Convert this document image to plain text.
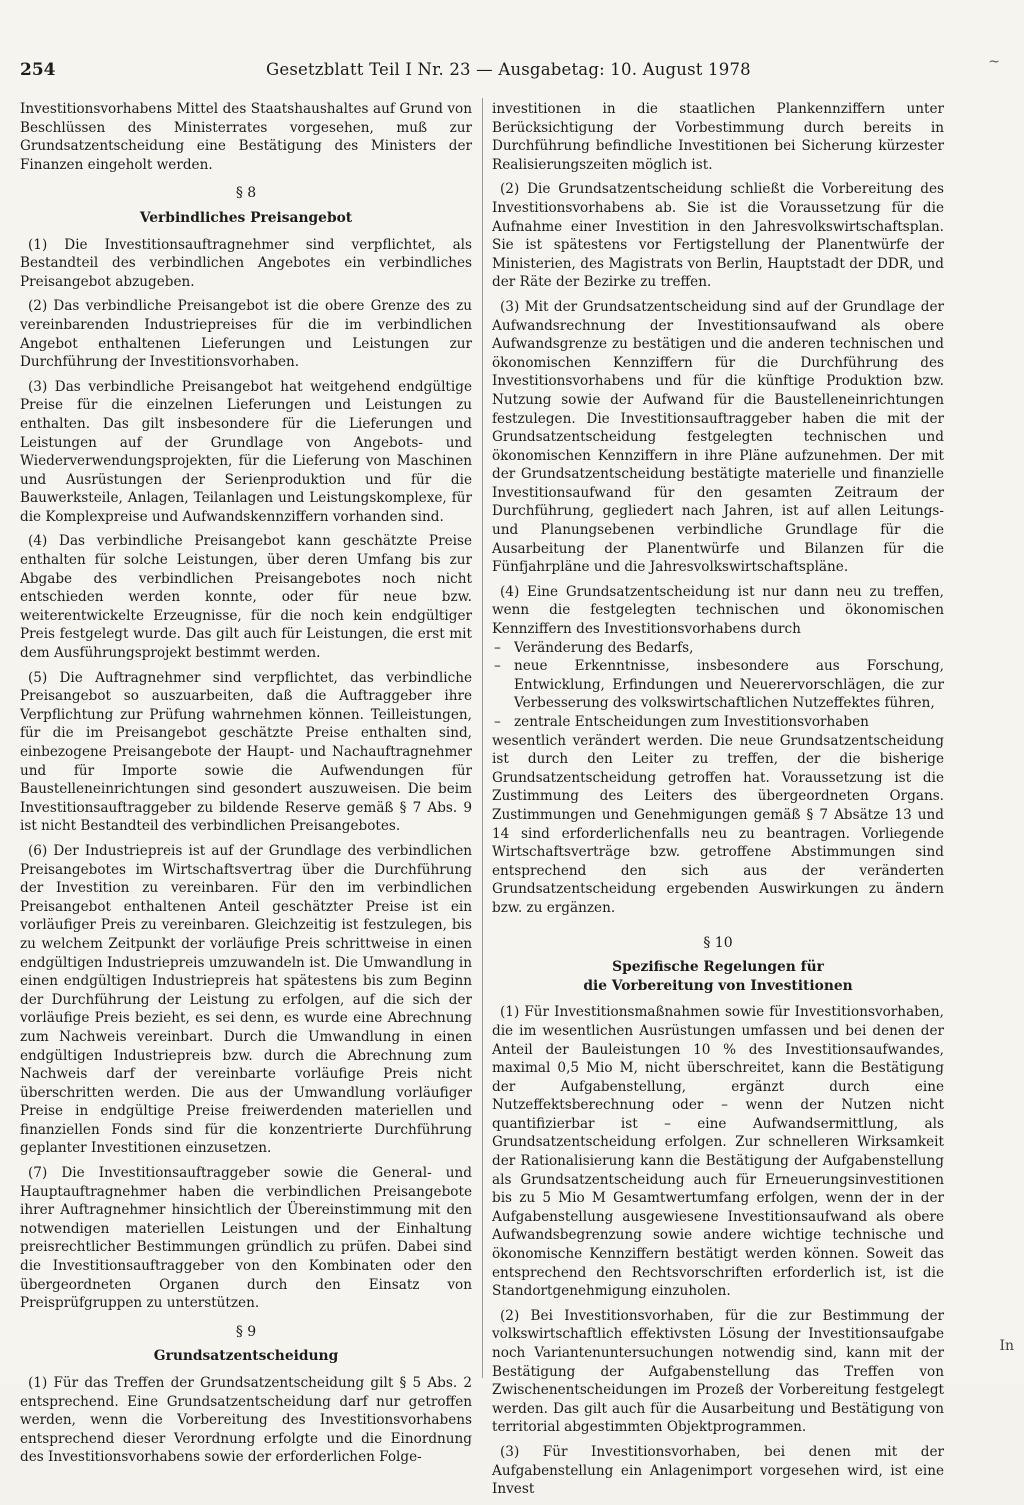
254	Gesetzblatt Teil I Nr. 23 — Ausgabetag: 10. August 1978	~

Investitionsvorhabens Mittel des Staatshaushaltes auf Grund von Beschlüssen des Ministerrates vorgesehen, muß zur Grundsatzentscheidung eine Bestätigung des Ministers der Finanzen eingeholt werden.

§ 8
Verbindliches Preisangebot

(1) Die Investitionsauftragnehmer sind verpflichtet, als Bestandteil des verbindlichen Angebotes ein verbindliches Preisangebot abzugeben.

(2) Das verbindliche Preisangebot ist die obere Grenze des zu vereinbarenden Industriepreises für die im verbindlichen Angebot enthaltenen Lieferungen und Leistungen zur Durchführung der Investitionsvorhaben.

(3) Das verbindliche Preisangebot hat weitgehend endgültige Preise für die einzelnen Lieferungen und Leistungen zu enthalten. Das gilt insbesondere für die Lieferungen und Leistungen auf der Grundlage von Angebots- und Wiederverwendungsprojekten, für die Lieferung von Maschinen und Ausrüstungen der Serienproduktion und für die Bauwerksteile, Anlagen, Teilanlagen und Leistungskomplexe, für die Komplexpreise und Aufwandskennziffern vorhanden sind.

(4) Das verbindliche Preisangebot kann geschätzte Preise enthalten für solche Leistungen, über deren Umfang bis zur Abgabe des verbindlichen Preisangebotes noch nicht entschieden werden konnte, oder für neue bzw. weiterentwickelte Erzeugnisse, für die noch kein endgültiger Preis festgelegt wurde. Das gilt auch für Leistungen, die erst mit dem Ausführungsprojekt bestimmt werden.

(5) Die Auftragnehmer sind verpflichtet, das verbindliche Preisangebot so auszuarbeiten, daß die Auftraggeber ihre Verpflichtung zur Prüfung wahrnehmen können. Teilleistungen, für die im Preisangebot geschätzte Preise enthalten sind, einbezogene Preisangebote der Haupt- und Nachauftragnehmer und für Importe sowie die Aufwendungen für Baustelleneinrichtungen sind gesondert auszuweisen. Die beim Investitionsauftraggeber zu bildende Reserve gemäß § 7 Abs. 9 ist nicht Bestandteil des verbindlichen Preisangebotes.

(6) Der Industriepreis ist auf der Grundlage des verbindlichen Preisangebotes im Wirtschaftsvertrag über die Durchführung der Investition zu vereinbaren. Für den im verbindlichen Preisangebot enthaltenen Anteil geschätzter Preise ist ein vorläufiger Preis zu vereinbaren. Gleichzeitig ist festzulegen, bis zu welchem Zeitpunkt der vorläufige Preis schrittweise in einen endgültigen Industriepreis umzuwandeln ist. Die Umwandlung in einen endgültigen Industriepreis hat spätestens bis zum Beginn der Durchführung der Leistung zu erfolgen, auf die sich der vorläufige Preis bezieht, es sei denn, es wurde eine Abrechnung zum Nachweis vereinbart. Durch die Umwandlung in einen endgültigen Industriepreis bzw. durch die Abrechnung zum Nachweis darf der vereinbarte vorläufige Preis nicht überschritten werden. Die aus der Umwandlung vorläufiger Preise in endgültige Preise freiwerdenden materiellen und finanziellen Fonds sind für die konzentrierte Durchführung geplanter Investitionen einzusetzen.

(7) Die Investitionsauftraggeber sowie die General- und Hauptauftragnehmer haben die verbindlichen Preisangebote ihrer Auftragnehmer hinsichtlich der Übereinstimmung mit den notwendigen materiellen Leistungen und der Einhaltung preisrechtlicher Bestimmungen gründlich zu prüfen. Dabei sind die Investitionsauftraggeber von den Kombinaten oder den übergeordneten Organen durch den Einsatz von Preisprüfgruppen zu unterstützen.

§ 9
Grundsatzentscheidung

(1) Für das Treffen der Grundsatzentscheidung gilt § 5 Abs. 2 entsprechend. Eine Grundsatzentscheidung darf nur getroffen werden, wenn die Vorbereitung des Investitionsvorhabens entsprechend dieser Verordnung erfolgte und die Einordnung des Investitionsvorhabens sowie der erforderlichen Folge-

investitionen in die staatlichen Plankennziffern unter Berücksichtigung der Vorbestimmung durch bereits in Durchführung befindliche Investitionen bei Sicherung kürzester Realisierungszeiten möglich ist.

(2) Die Grundsatzentscheidung schließt die Vorbereitung des Investitionsvorhabens ab. Sie ist die Voraussetzung für die Aufnahme einer Investition in den Jahresvolkswirtschaftsplan. Sie ist spätestens vor Fertigstellung der Planentwürfe der Ministerien, des Magistrats von Berlin, Hauptstadt der DDR, und der Räte der Bezirke zu treffen.

(3) Mit der Grundsatzentscheidung sind auf der Grundlage der Aufwandsrechnung der Investitionsaufwand als obere Aufwandsgrenze zu bestätigen und die anderen technischen und ökonomischen Kennziffern für die Durchführung des Investitionsvorhabens und für die künftige Produktion bzw. Nutzung sowie der Aufwand für die Baustelleneinrichtungen festzulegen. Die Investitionsauftraggeber haben die mit der Grundsatzentscheidung festgelegten technischen und ökonomischen Kennziffern in ihre Pläne aufzunehmen. Der mit der Grundsatzentscheidung bestätigte materielle und finanzielle Investitionsaufwand für den gesamten Zeitraum der Durchführung, gegliedert nach Jahren, ist auf allen Leitungs- und Planungsebenen verbindliche Grundlage für die Ausarbeitung der Planentwürfe und Bilanzen für die Fünfjahrpläne und die Jahresvolkswirtschaftspläne.

(4) Eine Grundsatzentscheidung ist nur dann neu zu treffen, wenn die festgelegten technischen und ökonomischen Kennziffern des Investitionsvorhabens durch

– Veränderung des Bedarfs,
– neue Erkenntnisse, insbesondere aus Forschung, Entwicklung, Erfindungen und Neuerervorschlägen, die zur Verbesserung des volkswirtschaftlichen Nutzeffektes führen,
– zentrale Entscheidungen zum Investitionsvorhaben

wesentlich verändert werden. Die neue Grundsatzentscheidung ist durch den Leiter zu treffen, der die bisherige Grundsatzentscheidung getroffen hat. Voraussetzung ist die Zustimmung des Leiters des übergeordneten Organs. Zustimmungen und Genehmigungen gemäß § 7 Absätze 13 und 14 sind erforderlichenfalls neu zu beantragen. Vorliegende Wirtschaftsverträge bzw. getroffene Abstimmungen sind entsprechend den sich aus der veränderten Grundsatzentscheidung ergebenden Auswirkungen zu ändern bzw. zu ergänzen.

§ 10
Spezifische Regelungen für
die Vorbereitung von Investitionen

(1) Für Investitionsmaßnahmen sowie für Investitionsvorhaben, die im wesentlichen Ausrüstungen umfassen und bei denen der Anteil der Bauleistungen 10 % des Investitionsaufwandes, maximal 0,5 Mio M, nicht überschreitet, kann die Bestätigung der Aufgabenstellung, ergänzt durch eine Nutzeffektsberechnung oder – wenn der Nutzen nicht quantifizierbar ist – eine Aufwandsermittlung, als Grundsatzentscheidung erfolgen. Zur schnelleren Wirksamkeit der Rationalisierung kann die Bestätigung der Aufgabenstellung als Grundsatzentscheidung auch für Erneuerungsinvestitionen bis zu 5 Mio M Gesamtwertumfang erfolgen, wenn der in der Aufgabenstellung ausgewiesene Investitionsaufwand als obere Aufwandsbegrenzung sowie andere wichtige technische und ökonomische Kennziffern bestätigt werden können. Soweit das entsprechend den Rechtsvorschriften erforderlich ist, ist die Standortgenehmigung einzuholen.

(2) Bei Investitionsvorhaben, für die zur Bestimmung der volkswirtschaftlich effektivsten Lösung der Investitionsaufgabe noch Variantenuntersuchungen notwendig sind, kann mit der Bestätigung der Aufgabenstellung das Treffen von Zwischenentscheidungen im Prozeß der Vorbereitung festgelegt werden. Das gilt auch für die Ausarbeitung und Bestätigung von territorial abgestimmten Objektprogrammen.

(3) Für Investitionsvorhaben, bei denen mit der Aufgabenstellung ein Anlagenimport vorgesehen wird, ist eine Invest

In
